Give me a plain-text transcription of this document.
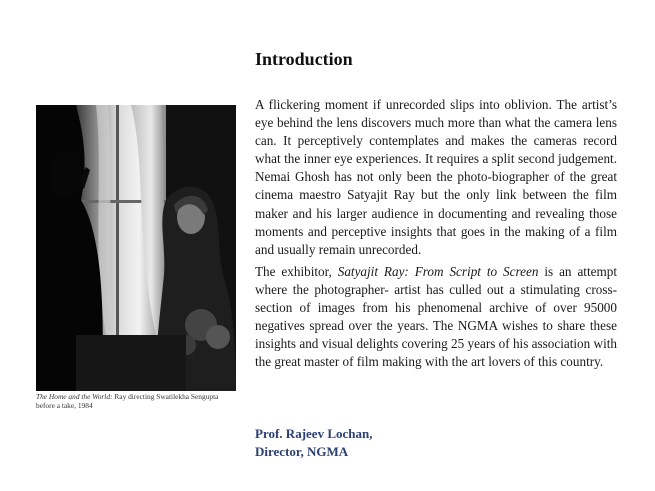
Introduction
The Home and the World: Ray directing Swatilekha Sengupta before a take, 1984

A flickering moment if unrecorded slips into oblivion. The artist’s eye behind the lens discovers much more than what the camera lens can. It perceptively contemplates and makes the cameras record what the inner eye experiences. It requires a split second judgement. Nemai Ghosh has not only been the photo-biographer of the great cinema maestro Satyajit Ray but the only link between the film maker and his larger audience in documenting and revealing those moments and perceptive insights that goes in the making of a film and usually remain unrecorded.

The exhibitor, Satyajit Ray: From Script to Screen is an attempt where the photographer- artist has culled out a stimulating cross- section of images from his phenomenal archive of over 95000 negatives spread over the years. The NGMA wishes to share these insights and visual delights covering 25 years of his association with the great master of film making with the art lovers of this country.

Prof. Rajeev Lochan,
Director, NGMA
